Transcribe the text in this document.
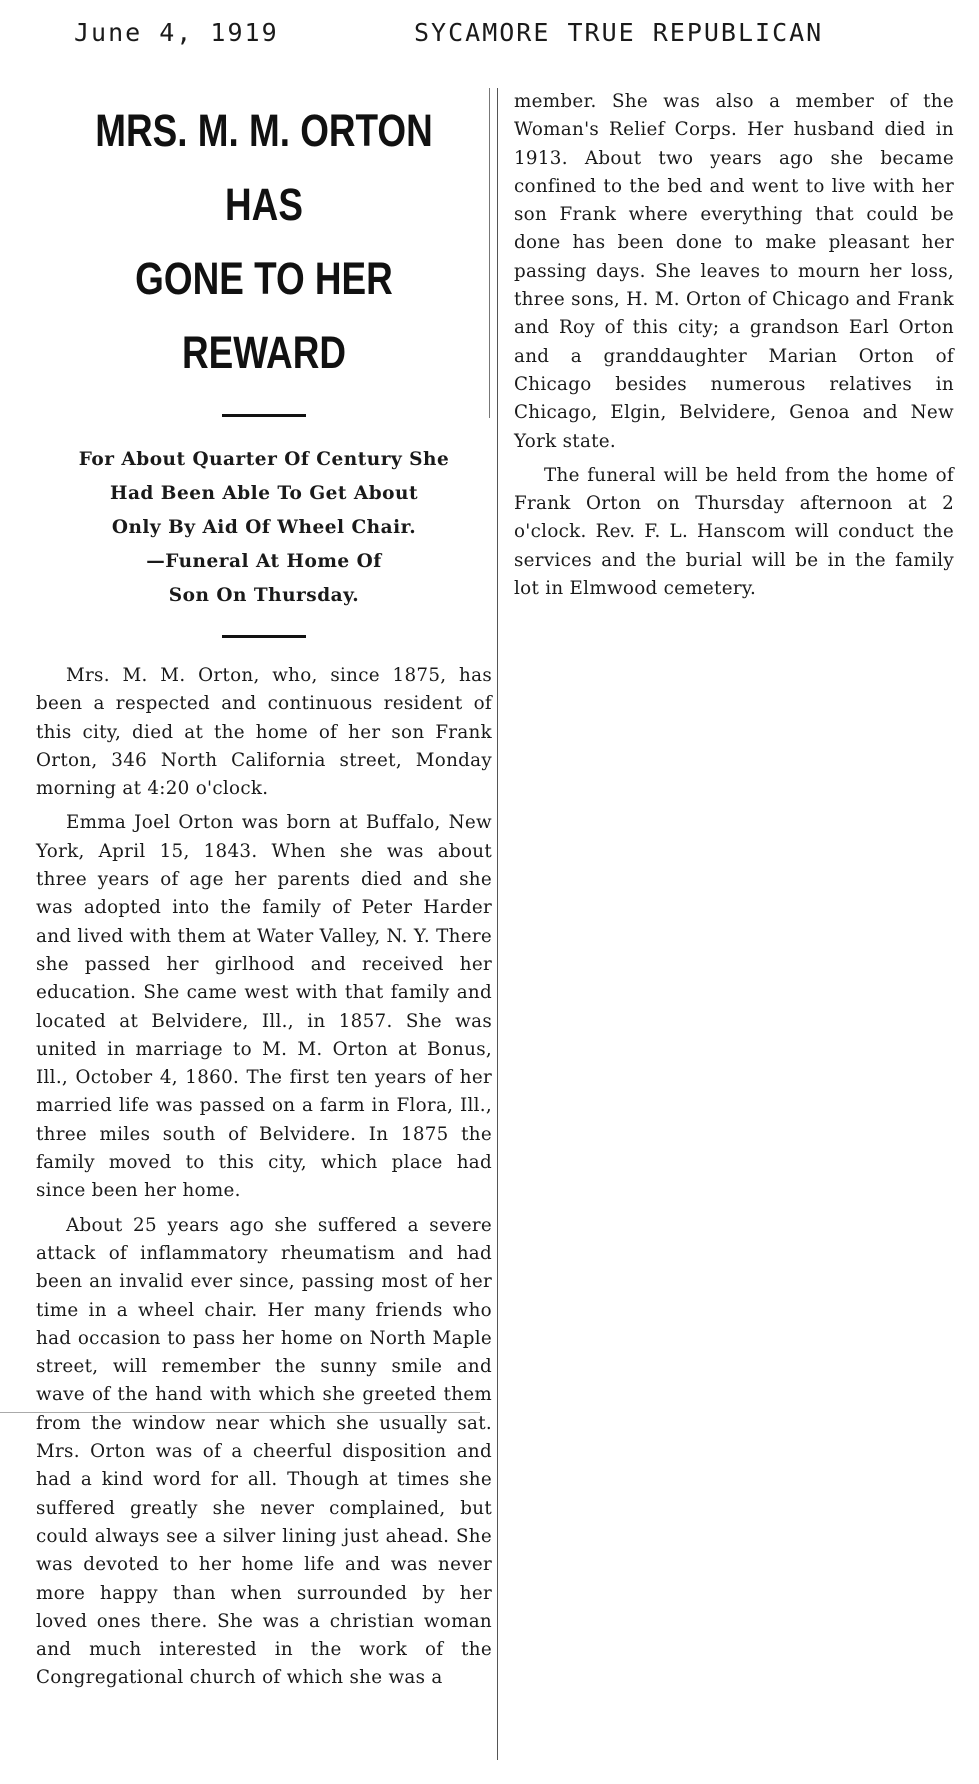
June 4, 1919	SYCAMORE TRUE REPUBLICAN
MRS. M. M. ORTON HAS
GONE TO HER REWARD
For About Quarter Of Century She
Had Been Able To Get About
Only By Aid Of Wheel Chair.
—Funeral At Home Of
Son On Thursday.

Mrs. M. M. Orton, who, since 1875, has been a respected and continuous resident of this city, died at the home of her son Frank Orton, 346 North California street, Monday morning at 4:20 o'clock.

Emma Joel Orton was born at Buffalo, New York, April 15, 1843. When she was about three years of age her parents died and she was adopted into the family of Peter Harder and lived with them at Water Valley, N. Y. There she passed her girlhood and received her education. She came west with that family and located at Belvidere, Ill., in 1857. She was united in marriage to M. M. Orton at Bonus, Ill., October 4, 1860. The first ten years of her married life was passed on a farm in Flora, Ill., three miles south of Belvidere. In 1875 the family moved to this city, which place had since been her home.

About 25 years ago she suffered a severe attack of inflammatory rheumatism and had been an invalid ever since, passing most of her time in a wheel chair. Her many friends who had occasion to pass her home on North Maple street, will remember the sunny smile and wave of the hand with which she greeted them from the window near which she usually sat. Mrs. Orton was of a cheerful disposition and had a kind word for all. Though at times she suffered greatly she never complained, but could always see a silver lining just ahead. She was devoted to her home life and was never more happy than when surrounded by her loved ones there. She was a christian woman and much interested in the work of the Congregational church of which she was a

member. She was also a member of the Woman's Relief Corps. Her husband died in 1913. About two years ago she became confined to the bed and went to live with her son Frank where everything that could be done has been done to make pleasant her passing days. She leaves to mourn her loss, three sons, H. M. Orton of Chicago and Frank and Roy of this city; a grandson Earl Orton and a granddaughter Marian Orton of Chicago besides numerous relatives in Chicago, Elgin, Belvidere, Genoa and New York state.

The funeral will be held from the home of Frank Orton on Thursday afternoon at 2 o'clock. Rev. F. L. Hanscom will conduct the services and the burial will be in the family lot in Elmwood cemetery.
